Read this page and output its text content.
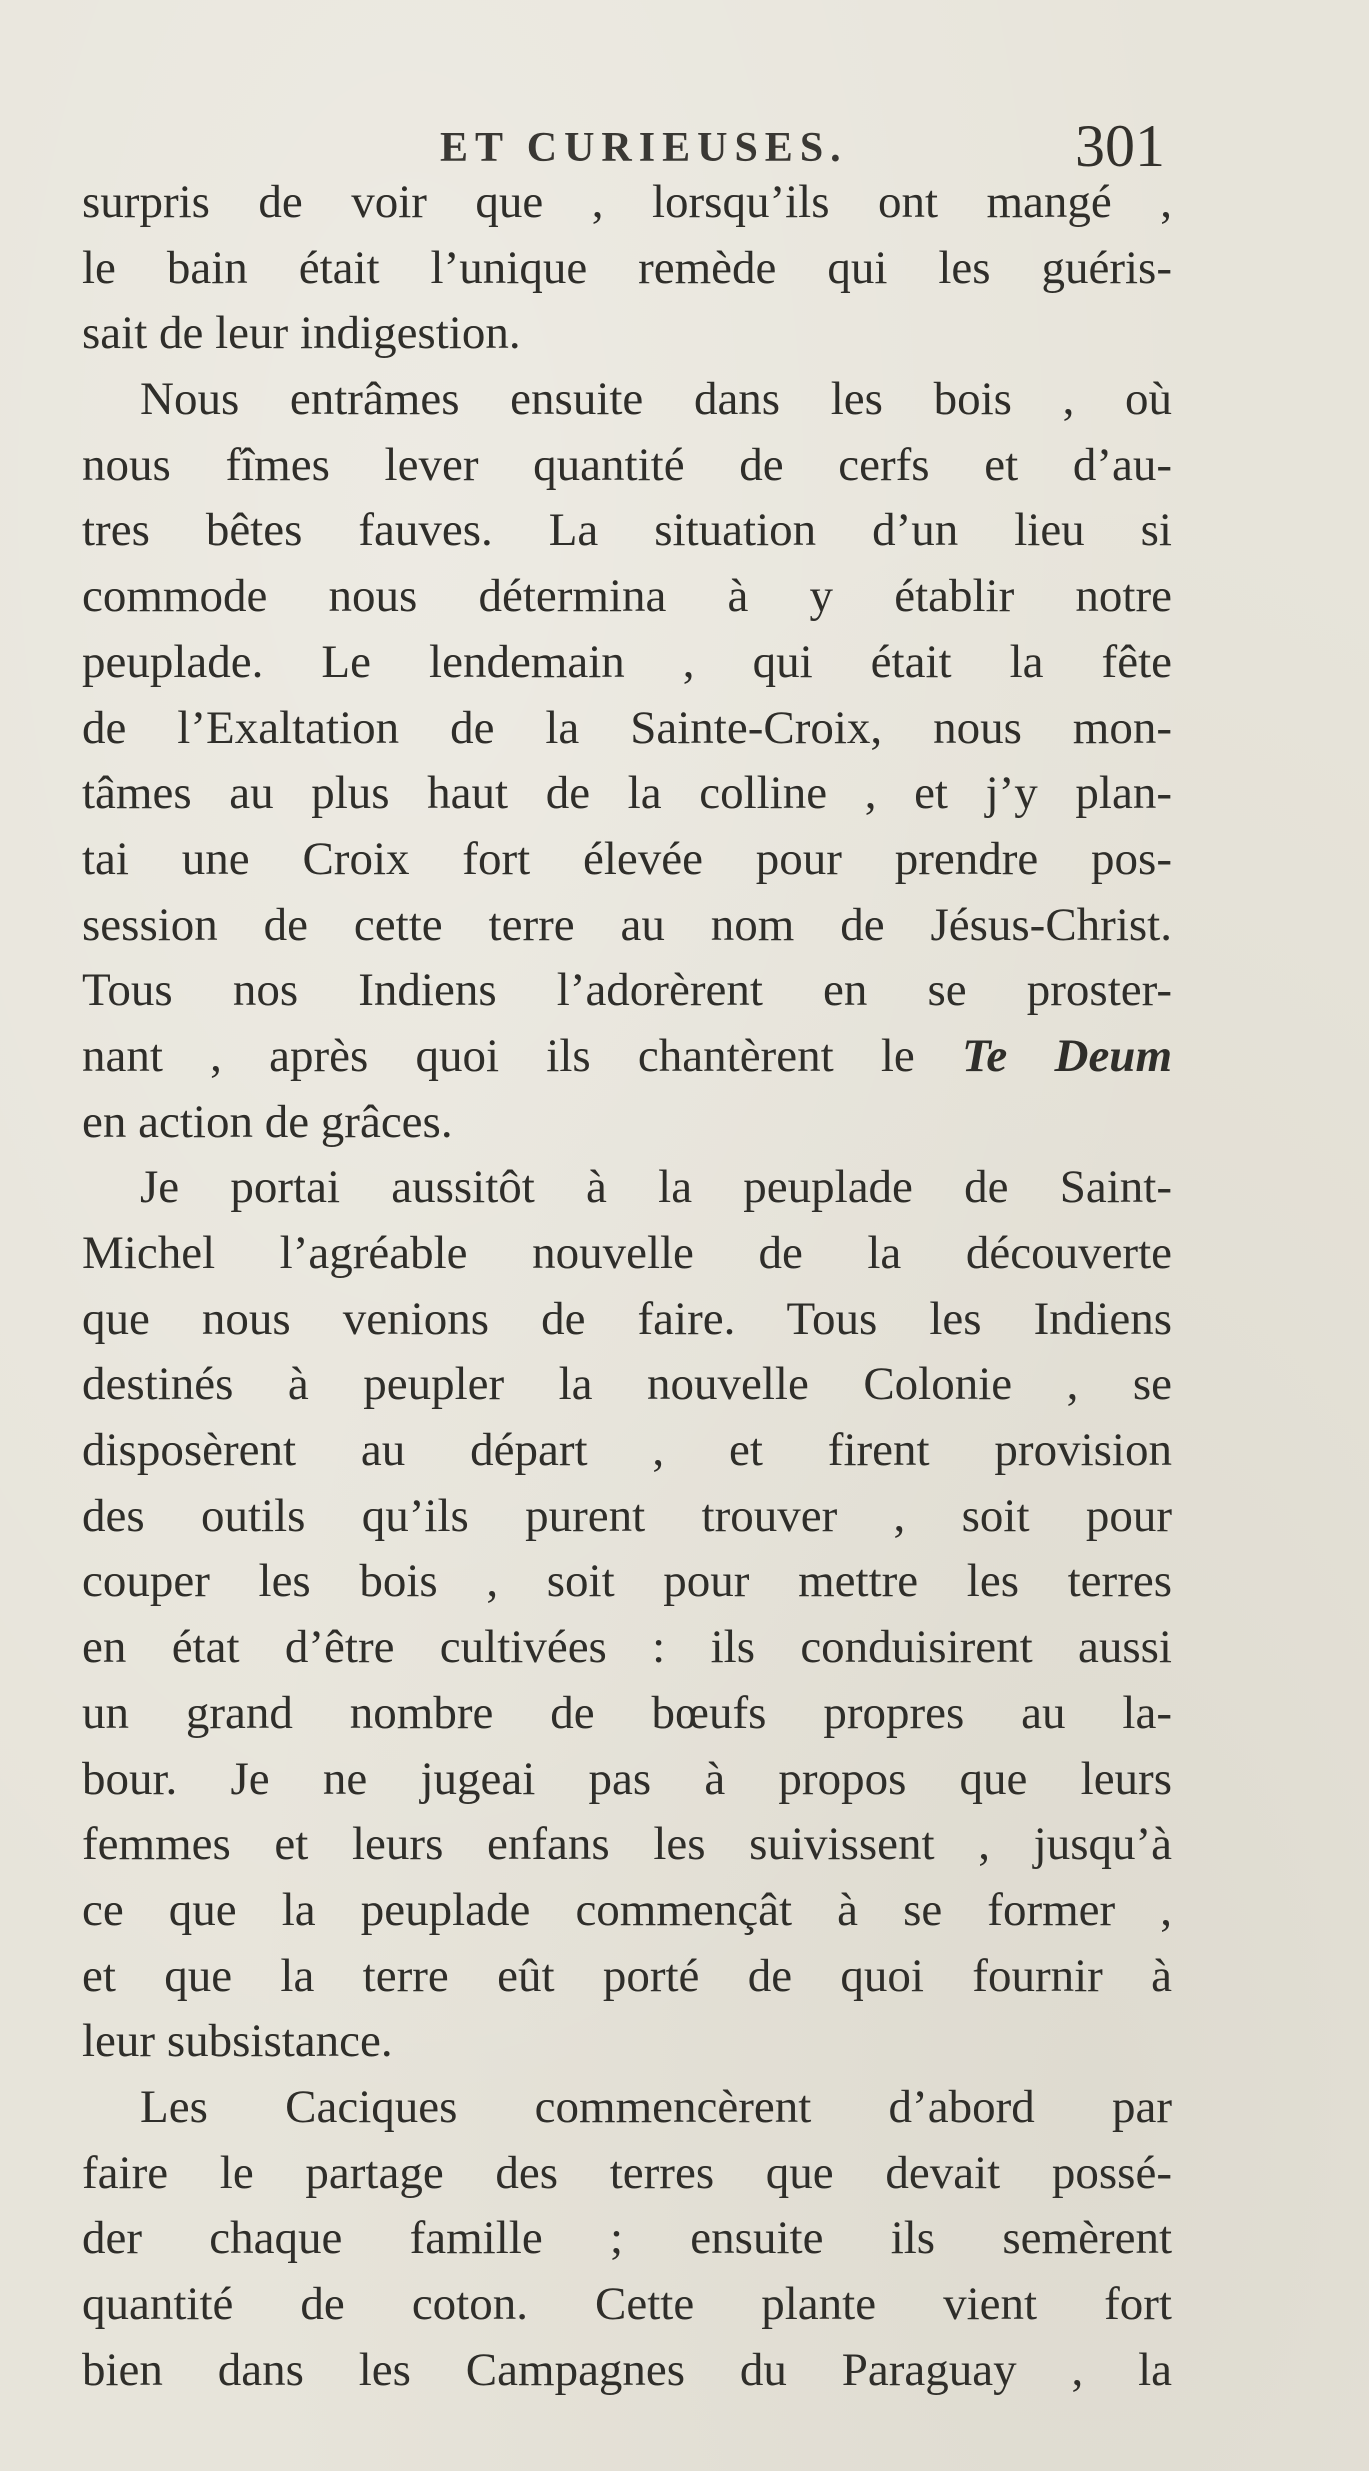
ET CURIEUSES.	301
surpris de voir que , lorsqu’ils ont mangé ,
le bain était l’unique remède qui les guéris-
sait de leur indigestion.
Nous entrâmes ensuite dans les bois , où
nous fîmes lever quantité de cerfs et d’au-
tres bêtes fauves. La situation d’un lieu si
commode nous détermina à y établir notre
peuplade. Le lendemain , qui était la fête
de l’Exaltation de la Sainte-Croix, nous mon-
tâmes au plus haut de la colline , et j’y plan-
tai une Croix fort élevée pour prendre pos-
session de cette terre au nom de Jésus-Christ.
Tous nos Indiens l’adorèrent en se proster-
nant , après quoi ils chantèrent le Te Deum
en action de grâces.
Je portai aussitôt à la peuplade de Saint-
Michel l’agréable nouvelle de la découverte
que nous venions de faire. Tous les Indiens
destinés à peupler la nouvelle Colonie , se
disposèrent au départ , et firent provision
des outils qu’ils purent trouver , soit pour
couper les bois , soit pour mettre les terres
en état d’être cultivées : ils conduisirent aussi
un grand nombre de bœufs propres au la-
bour. Je ne jugeai pas à propos que leurs
femmes et leurs enfans les suivissent , jusqu’à
ce que la peuplade commençât à se former ,
et que la terre eût porté de quoi fournir à
leur subsistance.
Les Caciques commencèrent d’abord par
faire le partage des terres que devait possé-
der chaque famille ; ensuite ils semèrent
quantité de coton. Cette plante vient fort
bien dans les Campagnes du Paraguay , la
